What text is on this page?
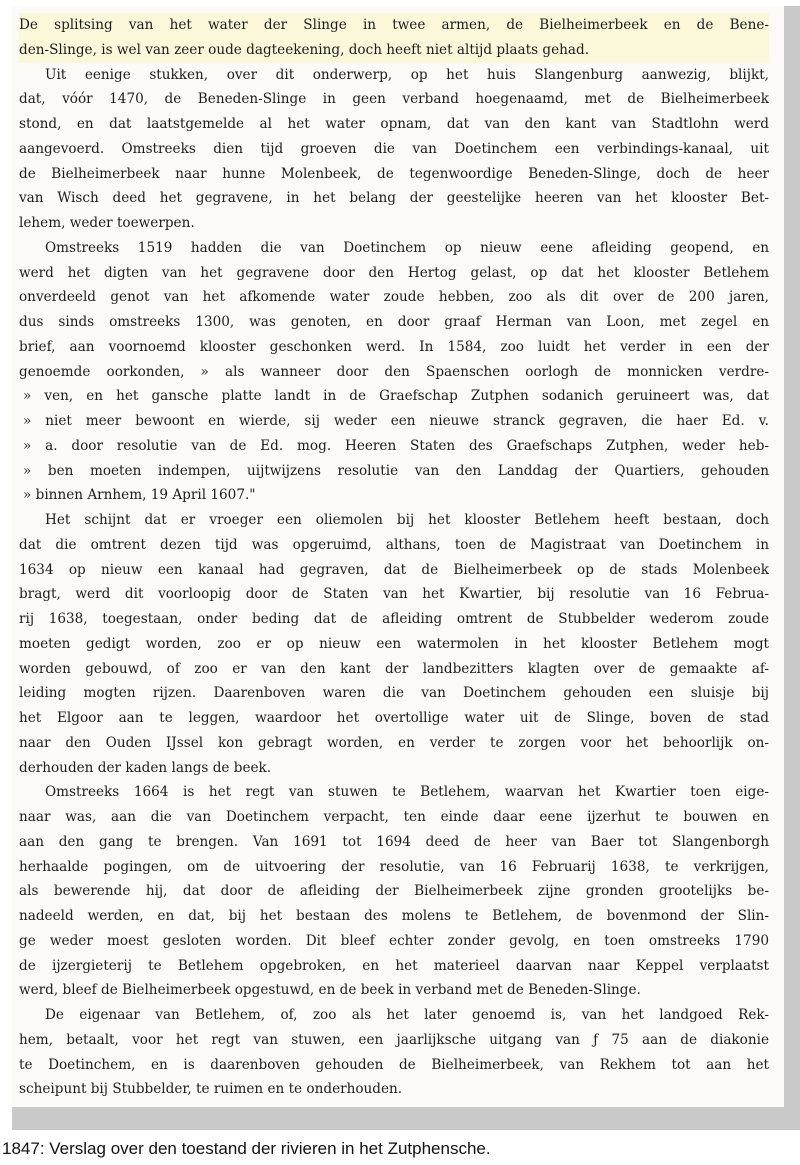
De splitsing van het water der Slinge in twee armen, de Bielheimerbeek en de Bene-
den-Slinge, is wel van zeer oude dagteekening, doch heeft niet altijd plaats gehad.
Uit eenige stukken, over dit onderwerp, op het huis Slangenburg aanwezig, blijkt,
dat, vóór 1470, de Beneden-Slinge in geen verband hoegenaamd, met de Bielheimerbeek
stond, en dat laatstgemelde al het water opnam, dat van den kant van Stadtlohn werd
aangevoerd. Omstreeks dien tijd groeven die van Doetinchem een verbindings-kanaal, uit
de Bielheimerbeek naar hunne Molenbeek, de tegenwoordige Beneden-Slinge, doch de heer
van Wisch deed het gegravene, in het belang der geestelijke heeren van het klooster Bet-
lehem, weder toewerpen.
Omstreeks 1519 hadden die van Doetinchem op nieuw eene afleiding geopend, en
werd het digten van het gegravene door den Hertog gelast, op dat het klooster Betlehem
onverdeeld genot van het afkomende water zoude hebben, zoo als dit over de 200 jaren,
dus sinds omstreeks 1300, was genoten, en door graaf Herman van Loon, met zegel en
brief, aan voornoemd klooster geschonken werd. In 1584, zoo luidt het verder in een der
genoemde oorkonden, » als wanneer door den Spaenschen oorlogh de monnicken verdre-
» ven, en het gansche platte landt in de Graefschap Zutphen sodanich geruineert was, dat
» niet meer bewoont en wierde, sij weder een nieuwe stranck gegraven, die haer Ed. v.
» a. door resolutie van de Ed. mog. Heeren Staten des Graefschaps Zutphen, weder heb-
» ben moeten indempen, uijtwijzens resolutie van den Landdag der Quartiers, gehouden
» binnen Arnhem, 19 April 1607."
Het schijnt dat er vroeger een oliemolen bij het klooster Betlehem heeft bestaan, doch
dat die omtrent dezen tijd was opgeruimd, althans, toen de Magistraat van Doetinchem in
1634 op nieuw een kanaal had gegraven, dat de Bielheimerbeek op de stads Molenbeek
bragt, werd dit voorloopig door de Staten van het Kwartier, bij resolutie van 16 Februa-
rij 1638, toegestaan, onder beding dat de afleiding omtrent de Stubbelder wederom zoude
moeten gedigt worden, zoo er op nieuw een watermolen in het klooster Betlehem mogt
worden gebouwd, of zoo er van den kant der landbezitters klagten over de gemaakte af-
leiding mogten rijzen. Daarenboven waren die van Doetinchem gehouden een sluisje bij
het Elgoor aan te leggen, waardoor het overtollige water uit de Slinge, boven de stad
naar den Ouden IJssel kon gebragt worden, en verder te zorgen voor het behoorlijk on-
derhouden der kaden langs de beek.
Omstreeks 1664 is het regt van stuwen te Betlehem, waarvan het Kwartier toen eige-
naar was, aan die van Doetinchem verpacht, ten einde daar eene ijzerhut te bouwen en
aan den gang te brengen. Van 1691 tot 1694 deed de heer van Baer tot Slangenborgh
herhaalde pogingen, om de uitvoering der resolutie, van 16 Februarij 1638, te verkrijgen,
als bewerende hij, dat door de afleiding der Bielheimerbeek zijne gronden grootelijks be-
nadeeld werden, en dat, bij het bestaan des molens te Betlehem, de bovenmond der Slin-
ge weder moest gesloten worden. Dit bleef echter zonder gevolg, en toen omstreeks 1790
de ijzergieterij te Betlehem opgebroken, en het materieel daarvan naar Keppel verplaatst
werd, bleef de Bielheimerbeek opgestuwd, en de beek in verband met de Beneden-Slinge.
De eigenaar van Betlehem, of, zoo als het later genoemd is, van het landgoed Rek-
hem, betaalt, voor het regt van stuwen, een jaarlijksche uitgang van ƒ 75 aan de diakonie
te Doetinchem, en is daarenboven gehouden de Bielheimerbeek, van Rekhem tot aan het
scheipunt bij Stubbelder, te ruimen en te onderhouden.
1847: Verslag over den toestand der rivieren in het Zutphensche.
